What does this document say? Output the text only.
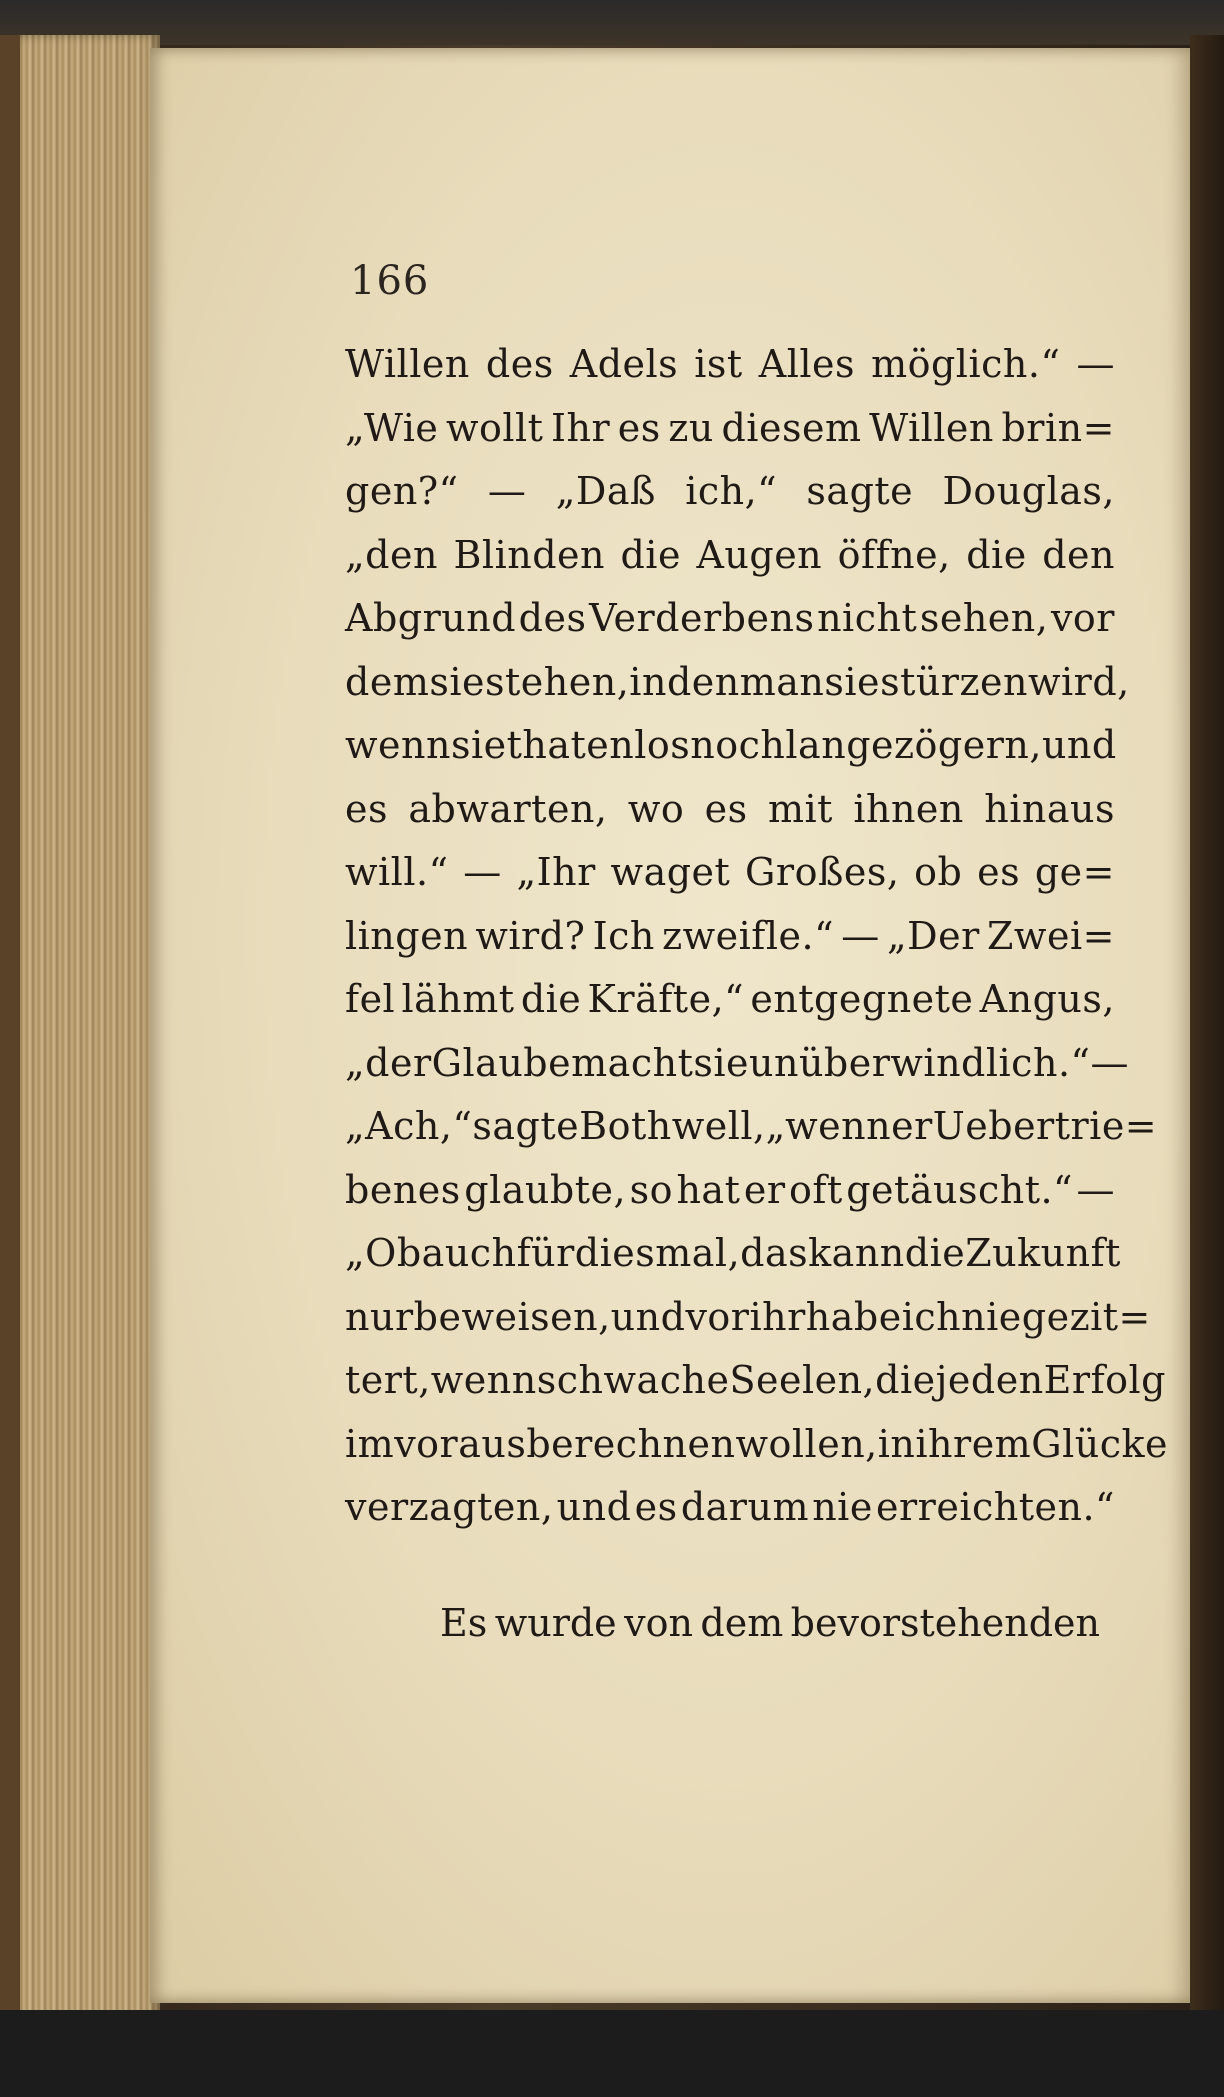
166
Willen des Adels ist Alles möglich.“ —
„Wie wollt Ihr es zu diesem Willen brin=
gen?“ — „Daß ich,“ sagte Douglas,
„den Blinden die Augen öffne, die den
Abgrund des Verderbens nicht sehen, vor
dem sie stehen, in den man sie stürzen wird,
wenn sie thatenlos noch lange zögern, und
es abwarten, wo es mit ihnen hinaus
will.“ — „Ihr waget Großes, ob es ge=
lingen wird? Ich zweifle.“ — „Der Zwei=
fel lähmt die Kräfte,“ entgegnete Angus,
„der Glaube macht sie unüberwindlich.“ —
„Ach,“ sagte Bothwell, „wenn er Uebertrie=
benes glaubte, so hat er oft getäuscht.“ —
„Ob auch für diesmal, das kann die Zukunft
nur beweisen, und vor ihr habe ich nie gezit=
tert, wenn schwache Seelen, die jeden Erfolg
im voraus berechnen wollen, in ihrem Glücke
verzagten, und es darum nie erreichten.“
Es wurde von dem bevorstehenden
